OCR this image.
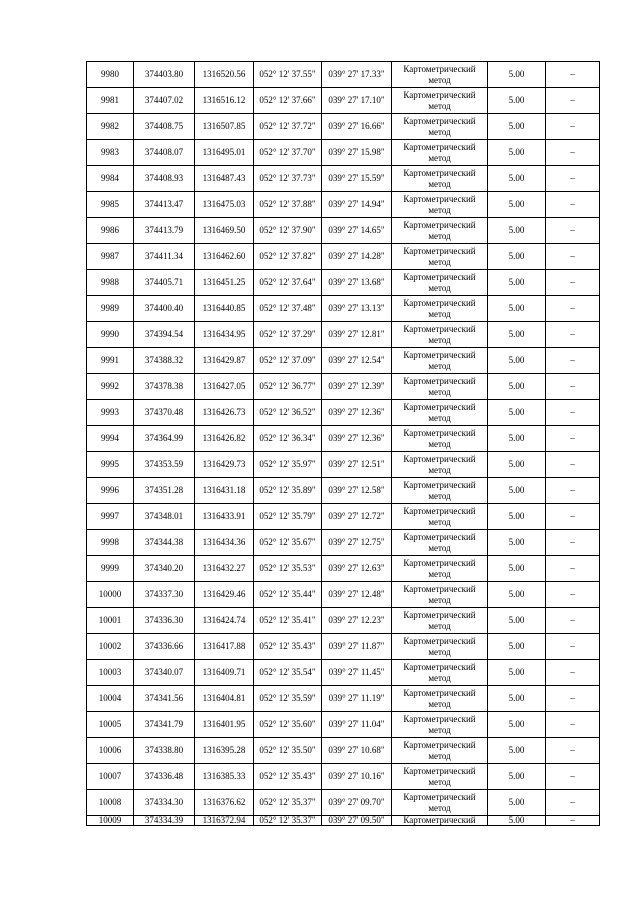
9980	374403.80	1316520.56	052° 12' 37.55"	039° 27' 17.33"	Картометрический метод	5.00	–
9981	374407.02	1316516.12	052° 12' 37.66"	039° 27' 17.10"	Картометрический метод	5.00	–
9982	374408.75	1316507.85	052° 12' 37.72"	039° 27' 16.66"	Картометрический метод	5.00	–
9983	374408.07	1316495.01	052° 12' 37.70"	039° 27' 15.98"	Картометрический метод	5.00	–
9984	374408.93	1316487.43	052° 12' 37.73"	039° 27' 15.59"	Картометрический метод	5.00	–
9985	374413.47	1316475.03	052° 12' 37.88"	039° 27' 14.94"	Картометрический метод	5.00	–
9986	374413.79	1316469.50	052° 12' 37.90"	039° 27' 14.65"	Картометрический метод	5.00	–
9987	374411.34	1316462.60	052° 12' 37.82"	039° 27' 14.28"	Картометрический метод	5.00	–
9988	374405.71	1316451.25	052° 12' 37.64"	039° 27' 13.68"	Картометрический метод	5.00	–
9989	374400.40	1316440.85	052° 12' 37.48"	039° 27' 13.13"	Картометрический метод	5.00	–
9990	374394.54	1316434.95	052° 12' 37.29"	039° 27' 12.81"	Картометрический метод	5.00	–
9991	374388.32	1316429.87	052° 12' 37.09"	039° 27' 12.54"	Картометрический метод	5.00	–
9992	374378.38	1316427.05	052° 12' 36.77"	039° 27' 12.39"	Картометрический метод	5.00	–
9993	374370.48	1316426.73	052° 12' 36.52"	039° 27' 12.36"	Картометрический метод	5.00	–
9994	374364.99	1316426.82	052° 12' 36.34"	039° 27' 12.36"	Картометрический метод	5.00	–
9995	374353.59	1316429.73	052° 12' 35.97"	039° 27' 12.51"	Картометрический метод	5.00	–
9996	374351.28	1316431.18	052° 12' 35.89"	039° 27' 12.58"	Картометрический метод	5.00	–
9997	374348.01	1316433.91	052° 12' 35.79"	039° 27' 12.72"	Картометрический метод	5.00	–
9998	374344.38	1316434.36	052° 12' 35.67"	039° 27' 12.75"	Картометрический метод	5.00	–
9999	374340.20	1316432.27	052° 12' 35.53"	039° 27' 12.63"	Картометрический метод	5.00	–
10000	374337.30	1316429.46	052° 12' 35.44"	039° 27' 12.48"	Картометрический метод	5.00	–
10001	374336.30	1316424.74	052° 12' 35.41"	039° 27' 12.23"	Картометрический метод	5.00	–
10002	374336.66	1316417.88	052° 12' 35.43"	039° 27' 11.87"	Картометрический метод	5.00	–
10003	374340.07	1316409.71	052° 12' 35.54"	039° 27' 11.45"	Картометрический метод	5.00	–
10004	374341.56	1316404.81	052° 12' 35.59"	039° 27' 11.19"	Картометрический метод	5.00	–
10005	374341.79	1316401.95	052° 12' 35.60"	039° 27' 11.04"	Картометрический метод	5.00	–
10006	374338.80	1316395.28	052° 12' 35.50"	039° 27' 10.68"	Картометрический метод	5.00	–
10007	374336.48	1316385.33	052° 12' 35.43"	039° 27' 10.16"	Картометрический метод	5.00	–
10008	374334.30	1316376.62	052° 12' 35.37"	039° 27' 09.70"	Картометрический метод	5.00	–
10009	374334.39	1316372.94	052° 12' 35.37"	039° 27' 09.50"	Картометрический	5.00	–
